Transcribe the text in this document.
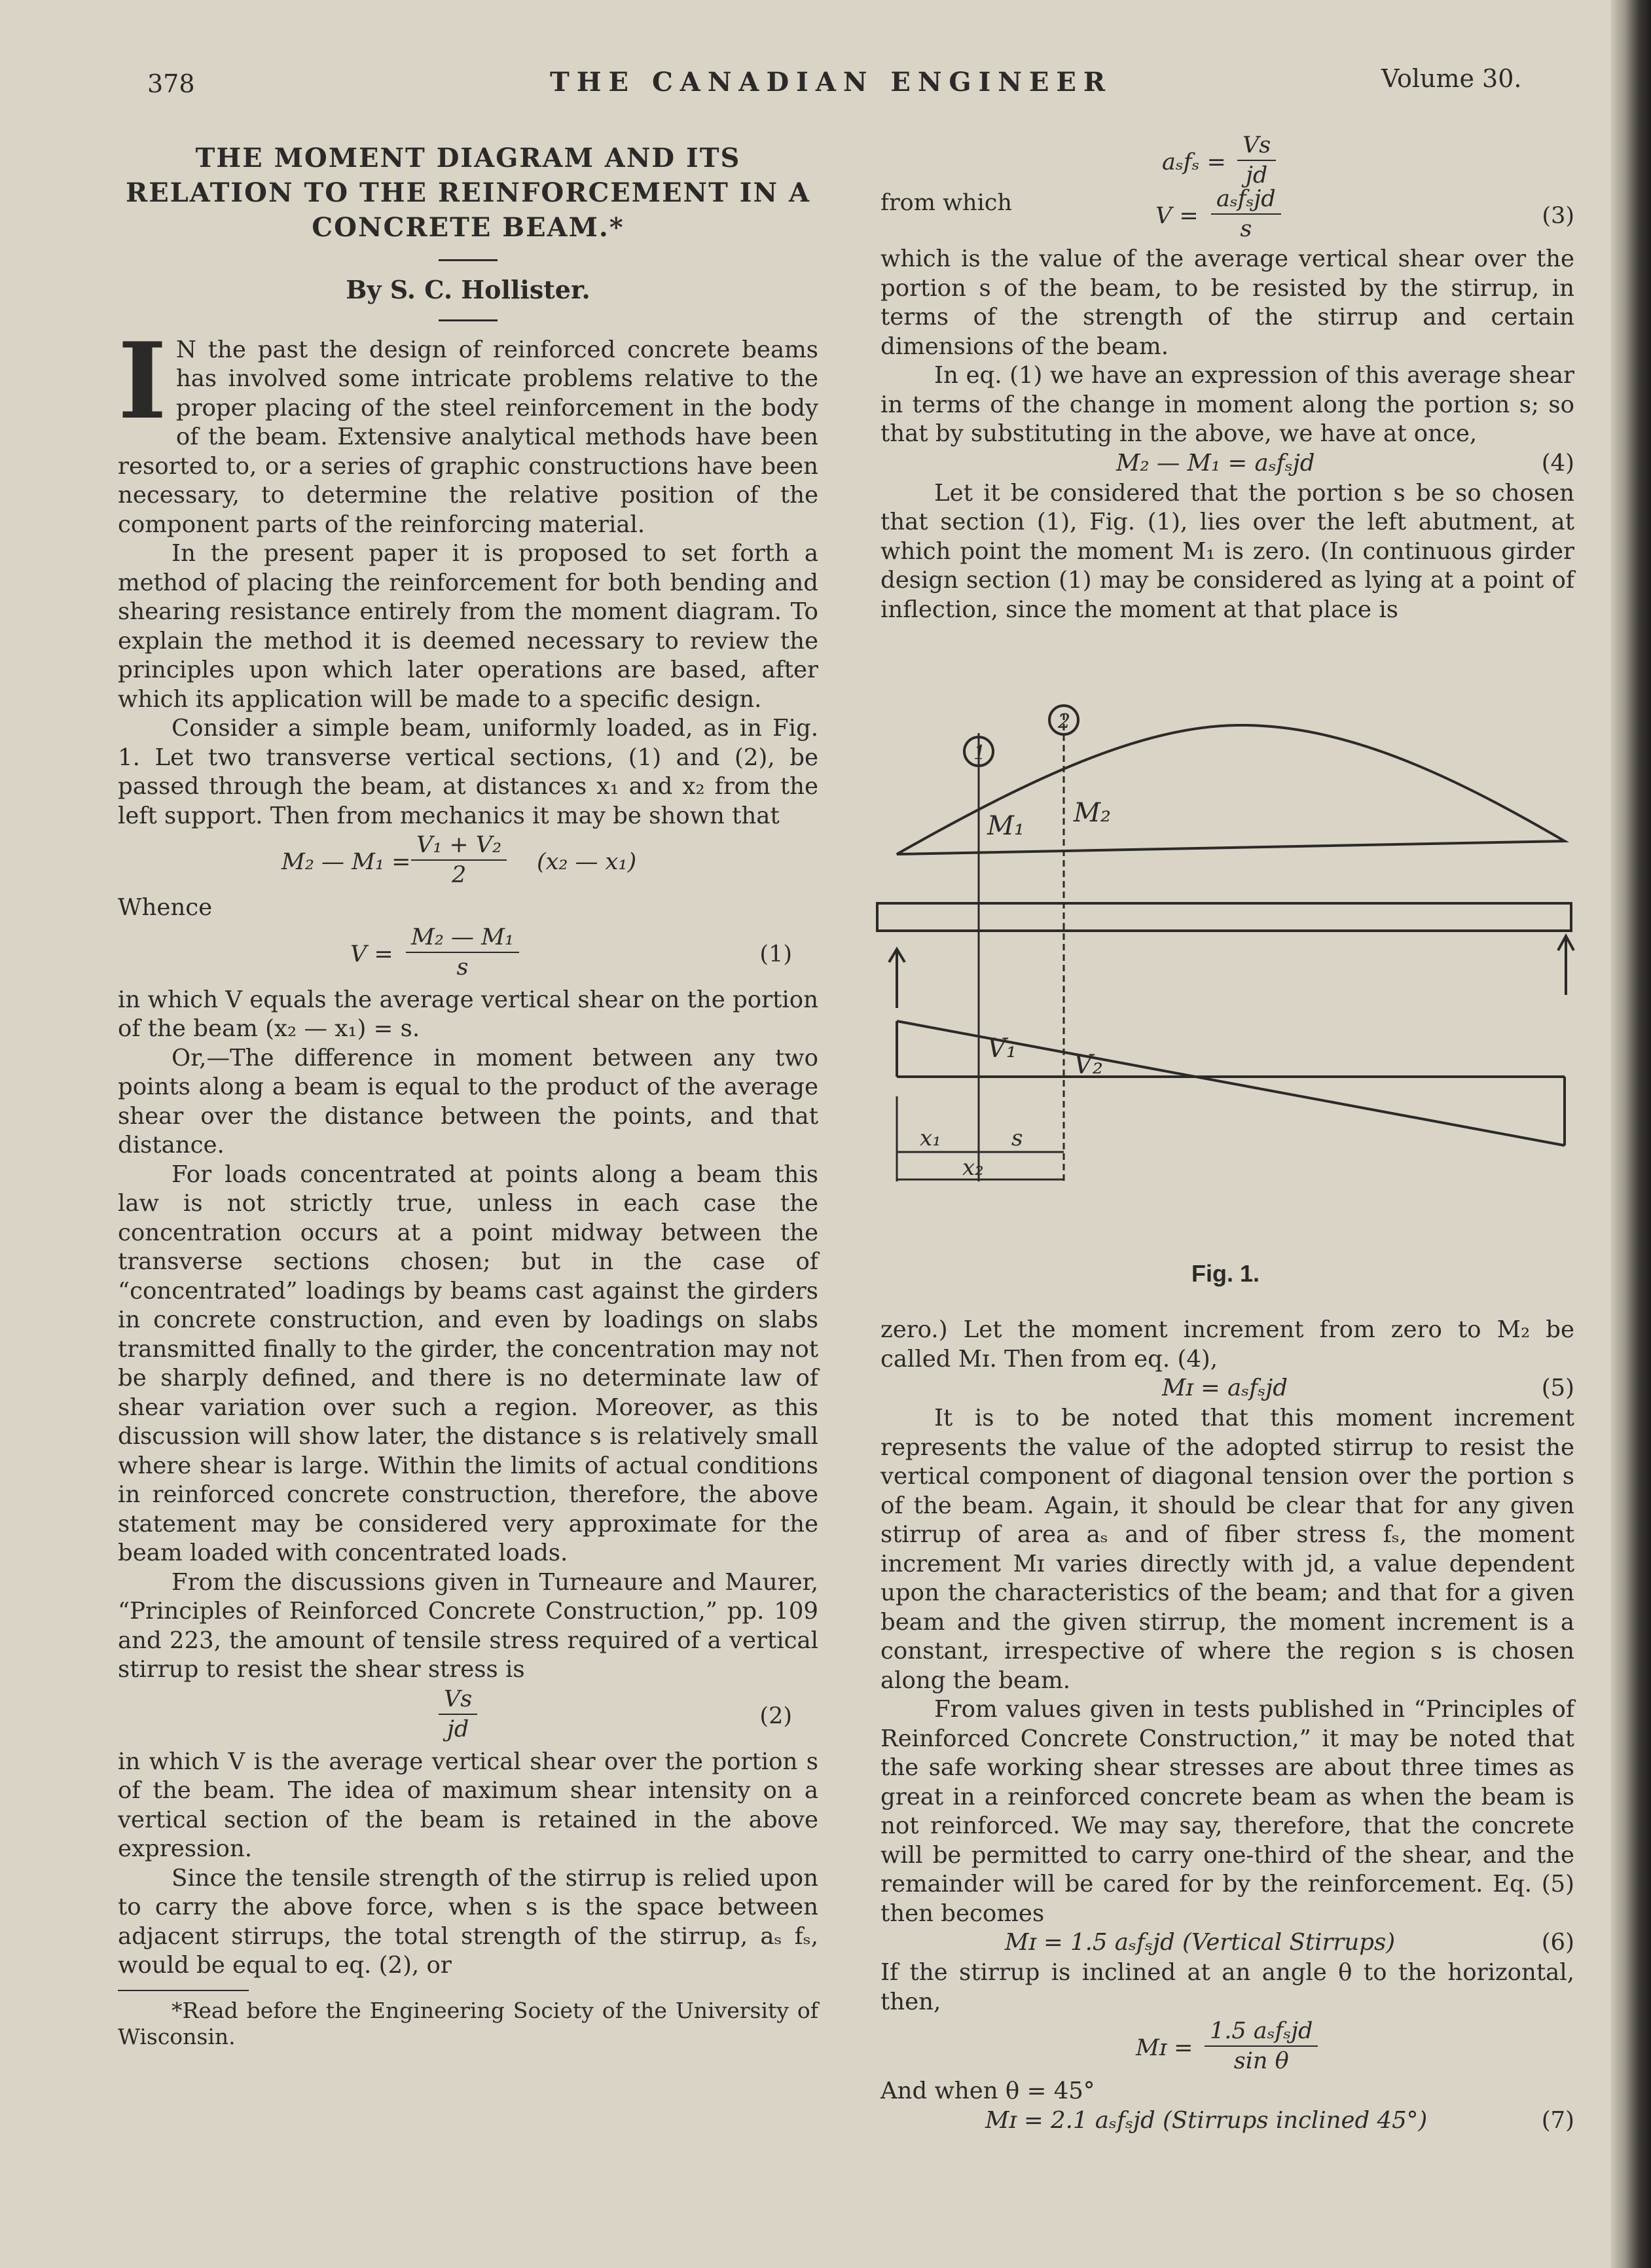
378	THE CANADIAN ENGINEER	Volume 30.
THE MOMENT DIAGRAM AND ITS RELATION TO THE REINFORCEMENT IN A CONCRETE BEAM.*
By S. C. Hollister.

I N the past the design of reinforced concrete beams has involved some intricate problems relative to the proper placing of the steel reinforcement in the body of the beam. Extensive analytical methods have been resorted to, or a series of graphic constructions have been necessary, to determine the relative position of the component parts of the reinforcing material.

In the present paper it is proposed to set forth a method of placing the reinforcement for both bending and shearing resistance entirely from the moment diagram. To explain the method it is deemed necessary to review the principles upon which later operations are based, after which its application will be made to a specific design.

Consider a simple beam, uniformly loaded, as in Fig. 1. Let two transverse vertical sections, (1) and (2), be passed through the beam, at distances x₁ and x₂ from the left support. Then from mechanics it may be shown that

M₂ — $M_1 = \frac{\text{V₁ + V₂}}{2} (x_2$ — x₁)

Whence

$V = \frac{\text{M₂ — M₁}}{s}$	(1)

in which V equals the average vertical shear on the portion of the beam (x₂ — x₁) = s.

Or,—The difference in moment between any two points along a beam is equal to the product of the average shear over the distance between the points, and that distance.

For loads concentrated at points along a beam this law is not strictly true, unless in each case the concentration occurs at a point midway between the transverse sections chosen; but in the case of “concentrated” loadings by beams cast against the girders in concrete construction, and even by loadings on slabs transmitted finally to the girder, the concentration may not be sharply defined, and there is no determinate law of shear variation over such a region. Moreover, as this discussion will show later, the distance s is relatively small where shear is large. Within the limits of actual conditions in reinforced concrete construction, therefore, the above statement may be considered very approximate for the beam loaded with concentrated loads.

From the discussions given in Turneaure and Maurer, “Principles of Reinforced Concrete Construction,” pp. 109 and 223, the amount of tensile stress required of a vertical stirrup to resist the shear stress is

$\frac{Vs}{jd}$	(2)

in which V is the average vertical shear over the portion s of the beam. The idea of maximum shear intensity on a vertical section of the beam is retained in the above expression.

Since the tensile strength of the stirrup is relied upon to carry the above force, when s is the space between adjacent stirrups, the total strength of the stirrup, aₛ fₛ, would be equal to eq. (2), or

*Read before the Engineering Society of the University of Wisconsin.

$a_sf_s = \frac{Vs}{jd}$
from which	V =
aₛfₛjd
s	(3)

which is the value of the average vertical shear over the portion s of the beam, to be resisted by the stirrup, in terms of the strength of the stirrup and certain dimensions of the beam.

In eq. (1) we have an expression of this average shear in terms of the change in moment along the portion s; so that by substituting in the above, we have at once,

M₂ — M₁ = aₛfₛjd	(4)

Let it be considered that the portion s be so chosen that section (1), Fig. (1), lies over the left abutment, at which point the moment M₁ is zero. (In continuous girder design section (1) may be considered as lying at a point of inflection, since the moment at that place is

1
2
M₁ M₂
V₁
V₂
x₁	s
x₂
Fig. 1.

zero.) Let the moment increment from zero to M₂ be called Mɪ. Then from eq. (4),

Mɪ = aₛfₛjd	(5)

It is to be noted that this moment increment represents the value of the adopted stirrup to resist the vertical component of diagonal tension over the portion s of the beam. Again, it should be clear that for any given stirrup of area aₛ and of fiber stress fₛ, the moment increment Mɪ varies directly with jd, a value dependent upon the characteristics of the beam; and that for a given beam and the given stirrup, the moment increment is a constant, irrespective of where the region s is chosen along the beam.

From values given in tests published in “Principles of Reinforced Concrete Construction,” it may be noted that the safe working shear stresses are about three times as great in a reinforced concrete beam as when the beam is not reinforced. We may say, therefore, that the concrete will be permitted to carry one-third of the shear, and the remainder will be cared for by the reinforcement. Eq. (5) then becomes

Mɪ = 1.5 aₛfₛjd (Vertical Stirrups)	(6)

If the stirrup is inclined at an angle θ to the horizontal, then,

Mɪ =
1.5 aₛfₛjd
sin θ

And when θ = 45°

Mɪ = 2.1 aₛfₛjd (Stirrups inclined 45°)	(7)
